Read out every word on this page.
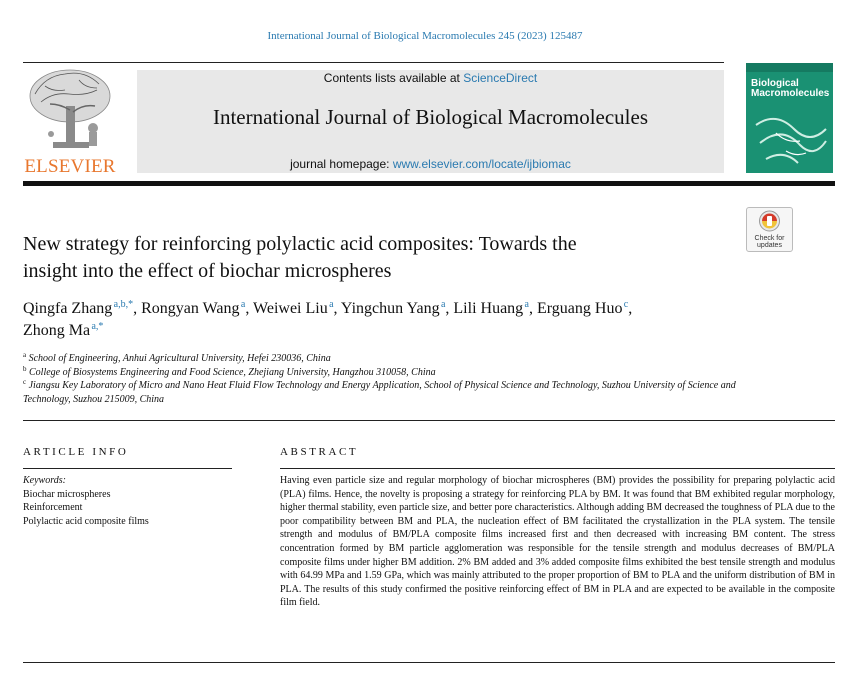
International Journal of Biological Macromolecules 245 (2023) 125487
ELSEVIER
Contents lists available at ScienceDirect
International Journal of Biological Macromolecules
journal homepage: www.elsevier.com/locate/ijbiomac
Biological Macromolecules
Check for
updates
New strategy for reinforcing polylactic acid composites: Towards the
insight into the effect of biochar microspheres
Qingfa Zhang $^{a,b,*}$, Rongyan Wang $^a$, Weiwei Liu $^a$, Yingchun Yang $^a$, Lili Huang $^a$, Erguang Huo $^c$,
Zhong Ma $^{a,*}$
$^a$ School of Engineering, Anhui Agricultural University, Hefei 230036, China
$^b$ College of Biosystems Engineering and Food Science, Zhejiang University, Hangzhou 310058, China
$^c$ Jiangsu Key Laboratory of Micro and Nano Heat Fluid Flow Technology and Energy Application, School of Physical Science and Technology, Suzhou University of Science and Technology, Suzhou 215009, China
ARTICLE INFO
Keywords:
Biochar microspheres
Reinforcement
Polylactic acid composite films
ABSTRACT
Having even particle size and regular morphology of biochar microspheres (BM) provides the possibility for preparing polylactic acid (PLA) films. Hence, the novelty is proposing a strategy for reinforcing PLA by BM. It was found that BM exhibited regular morphology, higher thermal stability, even particle size, and better pore characteristics. Although adding BM decreased the toughness of PLA due to the poor compatibility between BM and PLA, the nucleation effect of BM facilitated the crystallization in the PLA system. The tensile strength and modulus of BM/PLA composite films increased first and then decreased with increasing BM content. The stress concentration formed by BM particle agglomeration was responsible for the tensile strength and modulus decreases of BM/PLA composite films under higher BM addition. 2% BM added and 3% added composite films exhibited the best tensile strength and modulus with 64.99 MPa and 1.59 GPa, which was mainly attributed to the proper proportion of BM to PLA and the uniform distribution of BM in PLA. The results of this study confirmed the positive reinforcing effect of BM in PLA and are expected to be available in the composite film field.
